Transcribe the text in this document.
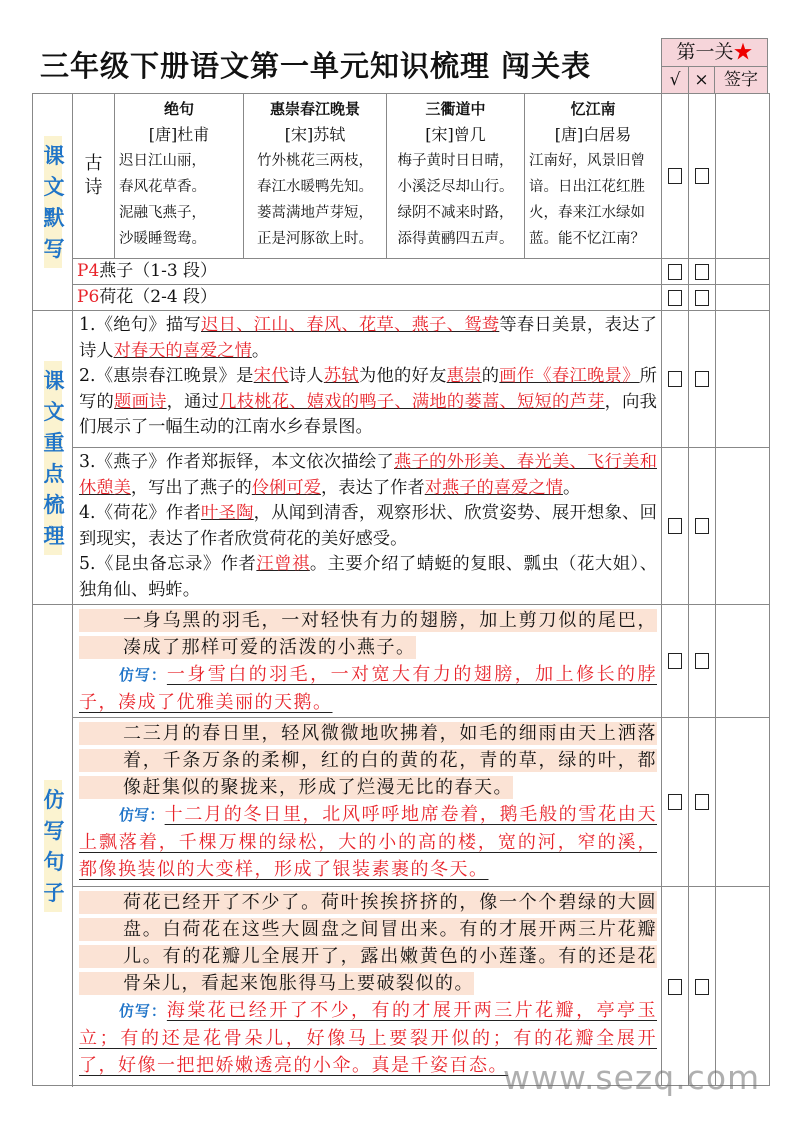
三年级下册语文第一单元知识梳理 闯关表	第一关★
√ × 签字
课文默写
课文重点梳理
仿写句子
古诗
绝句
[唐]杜甫
迟日江山丽，
春风花草香。
泥融飞燕子，
沙暖睡鸳鸯。
惠崇春江晚景
[宋]苏轼
竹外桃花三两枝，
春江水暖鸭先知。
蒌蒿满地芦芽短，
正是河豚欲上时。
三衢道中
[宋]曾几
梅子黄时日日晴，
小溪泛尽却山行。
绿阴不减来时路，
添得黄鹂四五声。
忆江南
[唐]白居易
江南好，风景旧曾
谙。日出江花红胜
火，春来江水绿如
蓝。能不忆江南？
P4燕子（1-3 段）
P6荷花（2-4 段）
1.《绝句》描写迟日、江山、春风、花草、燕子、鸳鸯等春日美景，表达了诗人对春天的喜爱之情。
2.《惠崇春江晚景》是宋代诗人苏轼为他的好友惠崇的画作《春江晚景》所写的题画诗，通过几枝桃花、嬉戏的鸭子、满地的蒌蒿、短短的芦芽，向我们展示了一幅生动的江南水乡春景图。
3.《燕子》作者郑振铎，本文依次描绘了燕子的外形美、春光美、飞行美和休憩美，写出了燕子的伶俐可爱，表达了作者对燕子的喜爱之情。
4.《荷花》作者叶圣陶，从闻到清香，观察形状、欣赏姿势、展开想象、回到现实，表达了作者欣赏荷花的美好感受。
5.《昆虫备忘录》作者汪曾祺。主要介绍了蜻蜓的复眼、瓢虫（花大姐）、独角仙、蚂蚱。
一身乌黑的羽毛，一对轻快有力的翅膀，加上剪刀似的尾巴，凑成了那样可爱的活泼的小燕子。
仿写：一身雪白的羽毛，一对宽大有力的翅膀，加上修长的脖子，凑成了优雅美丽的天鹅。
二三月的春日里，轻风微微地吹拂着，如毛的细雨由天上洒落着，千条万条的柔柳，红的白的黄的花，青的草，绿的叶，都像赶集似的聚拢来，形成了烂漫无比的春天。
仿写：十二月的冬日里，北风呼呼地席卷着，鹅毛般的雪花由天上飘落着，千棵万棵的绿松，大的小的高的楼，宽的河，窄的溪，都像换装似的大变样，形成了银装素裹的冬天。
荷花已经开了不少了。荷叶挨挨挤挤的，像一个个碧绿的大圆盘。白荷花在这些大圆盘之间冒出来。有的才展开两三片花瓣儿。有的花瓣儿全展开了，露出嫩黄色的小莲蓬。有的还是花骨朵儿，看起来饱胀得马上要破裂似的。
仿写：海棠花已经开了不少，有的才展开两三片花瓣，亭亭玉立；有的还是花骨朵儿，好像马上要裂开似的；有的花瓣全展开了，好像一把把娇嫩透亮的小伞。真是千姿百态。
www.sezq.com
